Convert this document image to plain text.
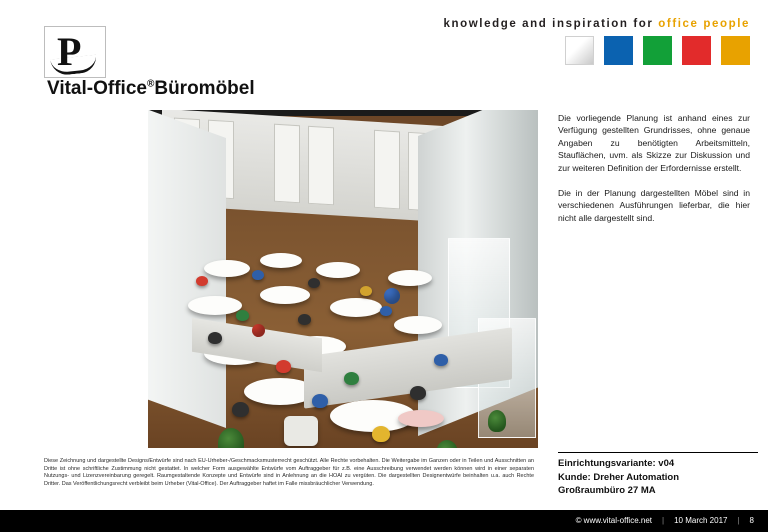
knowledge and inspiration for office people
P
Vital-Office®Büromöbel

Die vorliegende Planung ist anhand eines zur Verfügung gestellten Grundrisses, ohne genaue Angaben zu benötigten Arbeitsmitteln, Stauflächen, uvm. als Skizze zur Diskussion und zur weiteren Definition der Erfordernisse erstellt.

Die in der Planung dargestellten Möbel sind in verschiedenen Ausführungen lieferbar, die hier nicht alle dargestellt sind.

Diese Zeichnung und dargestellte Designs/Entwürfe sind nach EU-Urheber-/Geschmacksmusterrecht geschützt. Alle Rechte vorbehalten. Die Weitergabe im Ganzen oder in Teilen und Ausschnitten an Dritte ist ohne schriftliche Zustimmung nicht gestattet. In welcher Form ausgewählte Entwürfe vom Auftraggeber für z.B. eine Ausschreibung verwendet werden können wird in einer separaten Nutzungs- und Lizenzvereinbarung geregelt. Raumgestaltende Konzepte und Entwürfe sind in Anlehnung an die HOAI zu vergüten. Die dargestellten Designentwürfe beinhalten u.a. auch Rechte Dritter. Das Veröffentlichungsrecht verbleibt beim Urheber (Vital-Office). Der Auftraggeber haftet im Falle missbräuchlicher Verwendung.
Einrichtungsvariante: v04
Kunde: Dreher Automation
Großraumbüro 27 MA
© www.vital-office.net | 10 March 2017 | 8
